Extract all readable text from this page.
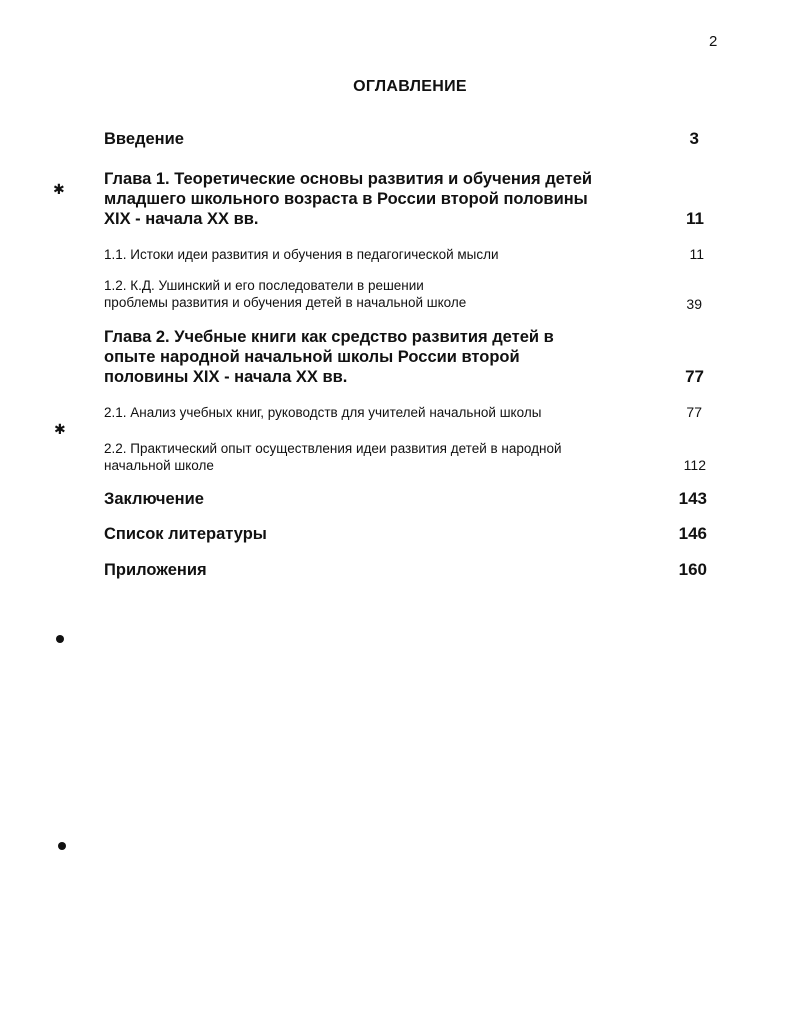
2
ОГЛАВЛЕНИЕ
Введение	3
Глава 1. Теоретические основы развития и обучения детей
младшего школьного возраста в России второй половины
XIX - начала XX вв.	11
1.1. Истоки идеи развития и обучения в педагогической мысли	11
1.2. К.Д. Ушинский и его последователи в решении
проблемы развития и обучения детей в начальной школе	39
Глава 2. Учебные книги как средство развития детей в
опыте народной начальной школы России второй
половины XIX - начала XX вв.	77
2.1. Анализ учебных книг, руководств для учителей начальной школы	77
2.2. Практический опыт осуществления идеи развития детей в народной
начальной школе	112
Заключение	143
Список литературы	146
Приложения	160
✱
✱
